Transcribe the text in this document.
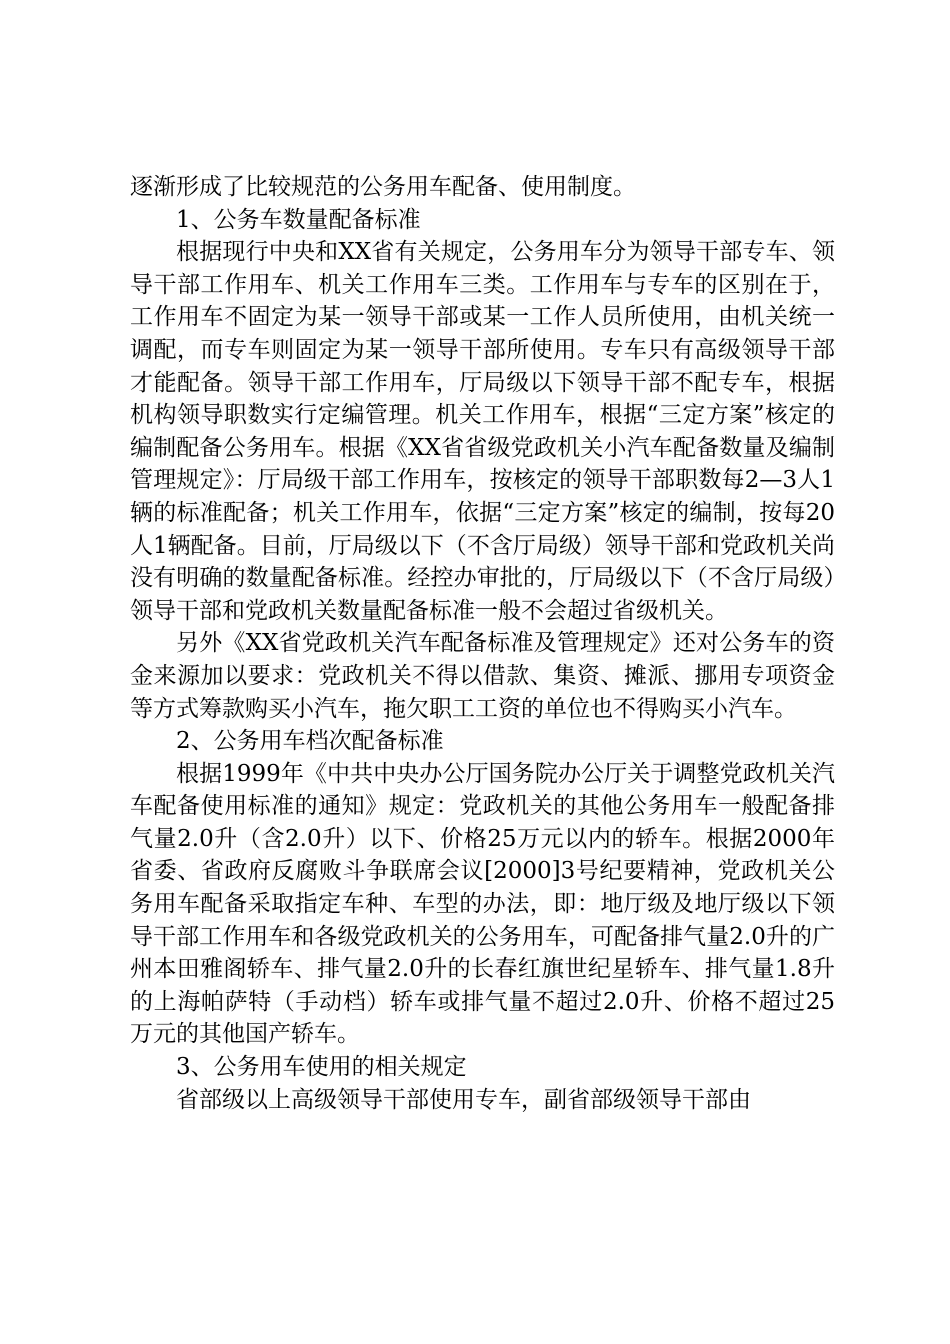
逐渐形成了比较规范的公务用车配备、使用制度。

1、公务车数量配备标准

根据现行中央和XX省有关规定，公务用车分为领导干部专车、领导干部工作用车、机关工作用车三类。工作用车与专车的区别在于，工作用车不固定为某一领导干部或某一工作人员所使用，由机关统一调配，而专车则固定为某一领导干部所使用。专车只有高级领导干部才能配备。领导干部工作用车，厅局级以下领导干部不配专车，根据机构领导职数实行定编管理。机关工作用车，根据“三定方案”核定的编制配备公务用车。根据《XX省省级党政机关小汽车配备数量及编制管理规定》：厅局级干部工作用车，按核定的领导干部职数每2—3人1辆的标准配备；机关工作用车，依据“三定方案”核定的编制，按每20人1辆配备。目前，厅局级以下（不含厅局级）领导干部和党政机关尚没有明确的数量配备标准。经控办审批的，厅局级以下（不含厅局级）领导干部和党政机关数量配备标准一般不会超过省级机关。

另外《XX省党政机关汽车配备标准及管理规定》还对公务车的资金来源加以要求：党政机关不得以借款、集资、摊派、挪用专项资金等方式筹款购买小汽车，拖欠职工工资的单位也不得购买小汽车。

2、公务用车档次配备标准

根据1999年《中共中央办公厅国务院办公厅关于调整党政机关汽车配备使用标准的通知》规定：党政机关的其他公务用车一般配备排气量2.0升（含2.0升）以下、价格25万元以内的轿车。根据2000年省委、省政府反腐败斗争联席会议[2000]3号纪要精神，党政机关公务用车配备采取指定车种、车型的办法，即：地厅级及地厅级以下领导干部工作用车和各级党政机关的公务用车，可配备排气量2.0升的广州本田雅阁轿车、排气量2.0升的长春红旗世纪星轿车、排气量1.8升的上海帕萨特（手动档）轿车或排气量不超过2.0升、价格不超过25万元的其他国产轿车。

3、公务用车使用的相关规定

省部级以上高级领导干部使用专车，副省部级领导干部由
